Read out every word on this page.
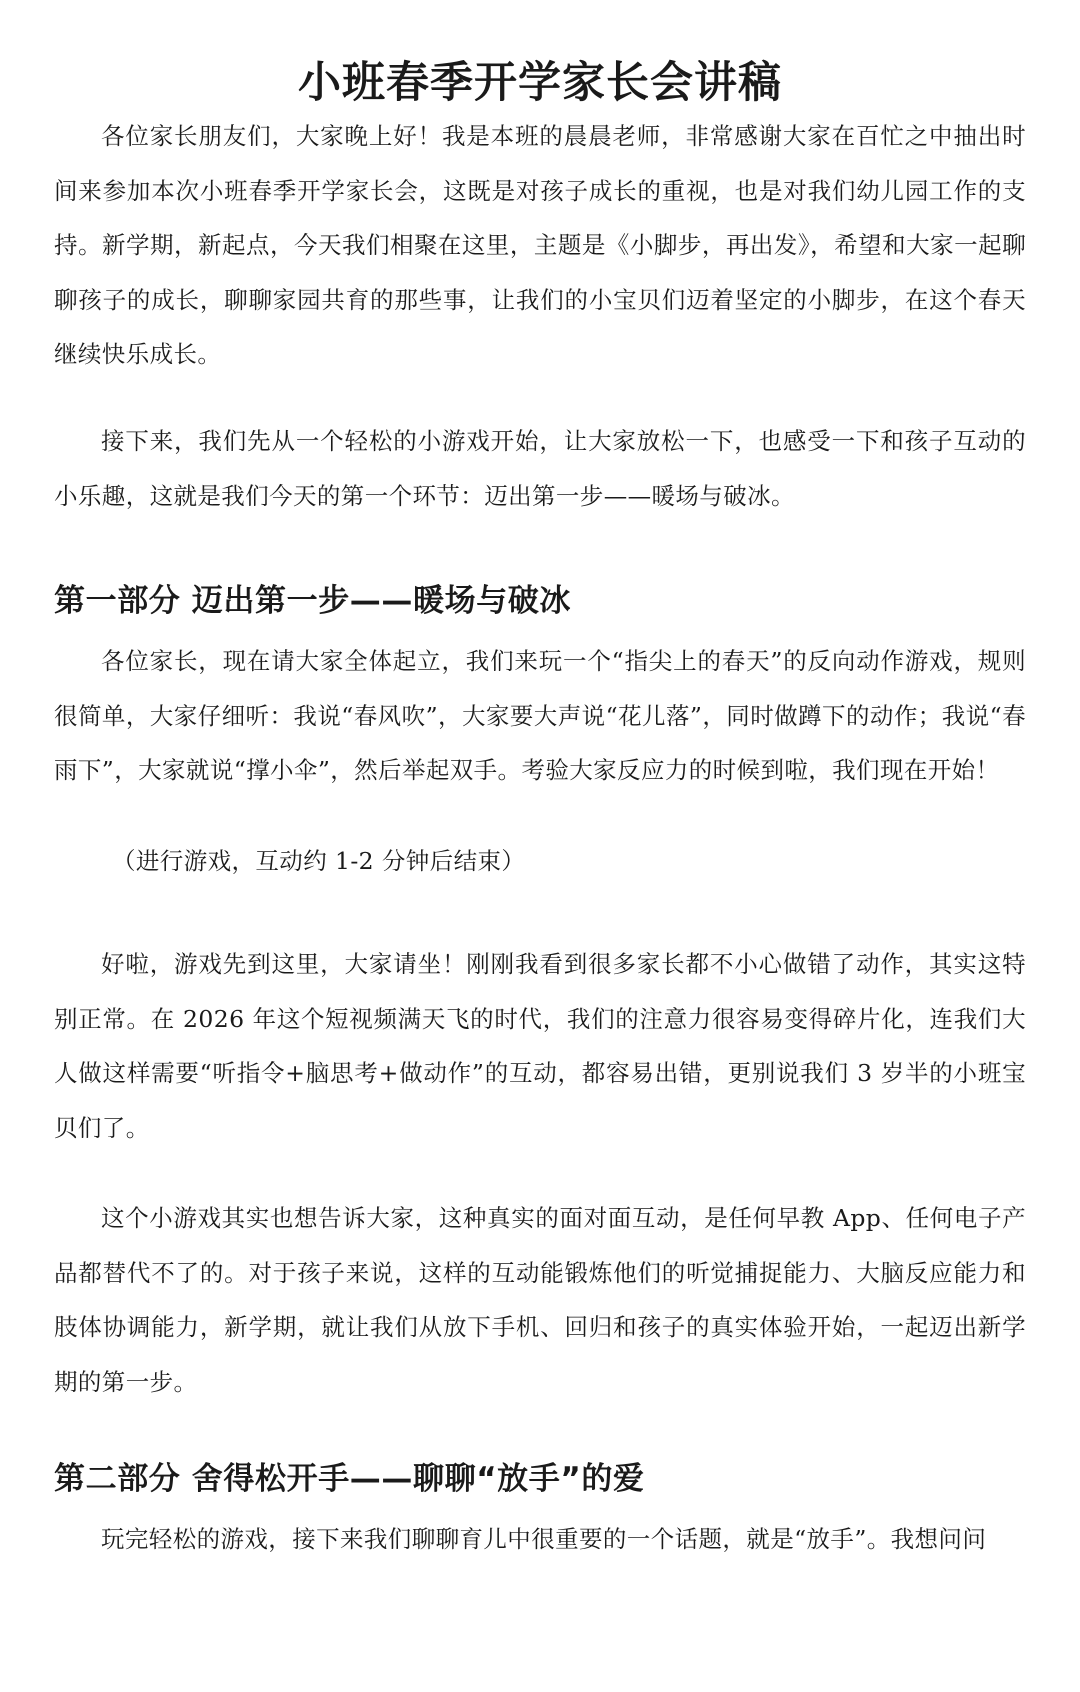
小班春季开学家长会讲稿

各位家长朋友们，大家晚上好！我是本班的晨晨老师，非常感谢大家在百忙之中抽出时间来参加本次小班春季开学家长会，这既是对孩子成长的重视，也是对我们幼儿园工作的支持。新学期，新起点，今天我们相聚在这里，主题是《小脚步，再出发》，希望和大家一起聊聊孩子的成长，聊聊家园共育的那些事，让我们的小宝贝们迈着坚定的小脚步，在这个春天继续快乐成长。

接下来，我们先从一个轻松的小游戏开始，让大家放松一下，也感受一下和孩子互动的小乐趣，这就是我们今天的第一个环节：迈出第一步——暖场与破冰。

第一部分 迈出第一步——暖场与破冰

各位家长，现在请大家全体起立，我们来玩一个“指尖上的春天”的反向动作游戏，规则很简单，大家仔细听：我说“春风吹”，大家要大声说“花儿落”，同时做蹲下的动作；我说“春雨下”，大家就说“撑小伞”，然后举起双手。考验大家反应力的时候到啦，我们现在开始！

（进行游戏，互动约 1-2 分钟后结束）

好啦，游戏先到这里，大家请坐！刚刚我看到很多家长都不小心做错了动作，其实这特别正常。在 2026 年这个短视频满天飞的时代，我们的注意力很容易变得碎片化，连我们大人做这样需要“听指令+脑思考+做动作”的互动，都容易出错，更别说我们 3 岁半的小班宝贝们了。

这个小游戏其实也想告诉大家，这种真实的面对面互动，是任何早教 App、任何电子产品都替代不了的。对于孩子来说，这样的互动能锻炼他们的听觉捕捉能力、大脑反应能力和肢体协调能力，新学期，就让我们从放下手机、回归和孩子的真实体验开始，一起迈出新学期的第一步。

第二部分 舍得松开手——聊聊“放手”的爱

玩完轻松的游戏，接下来我们聊聊育儿中很重要的一个话题，就是“放手”。我想问问
